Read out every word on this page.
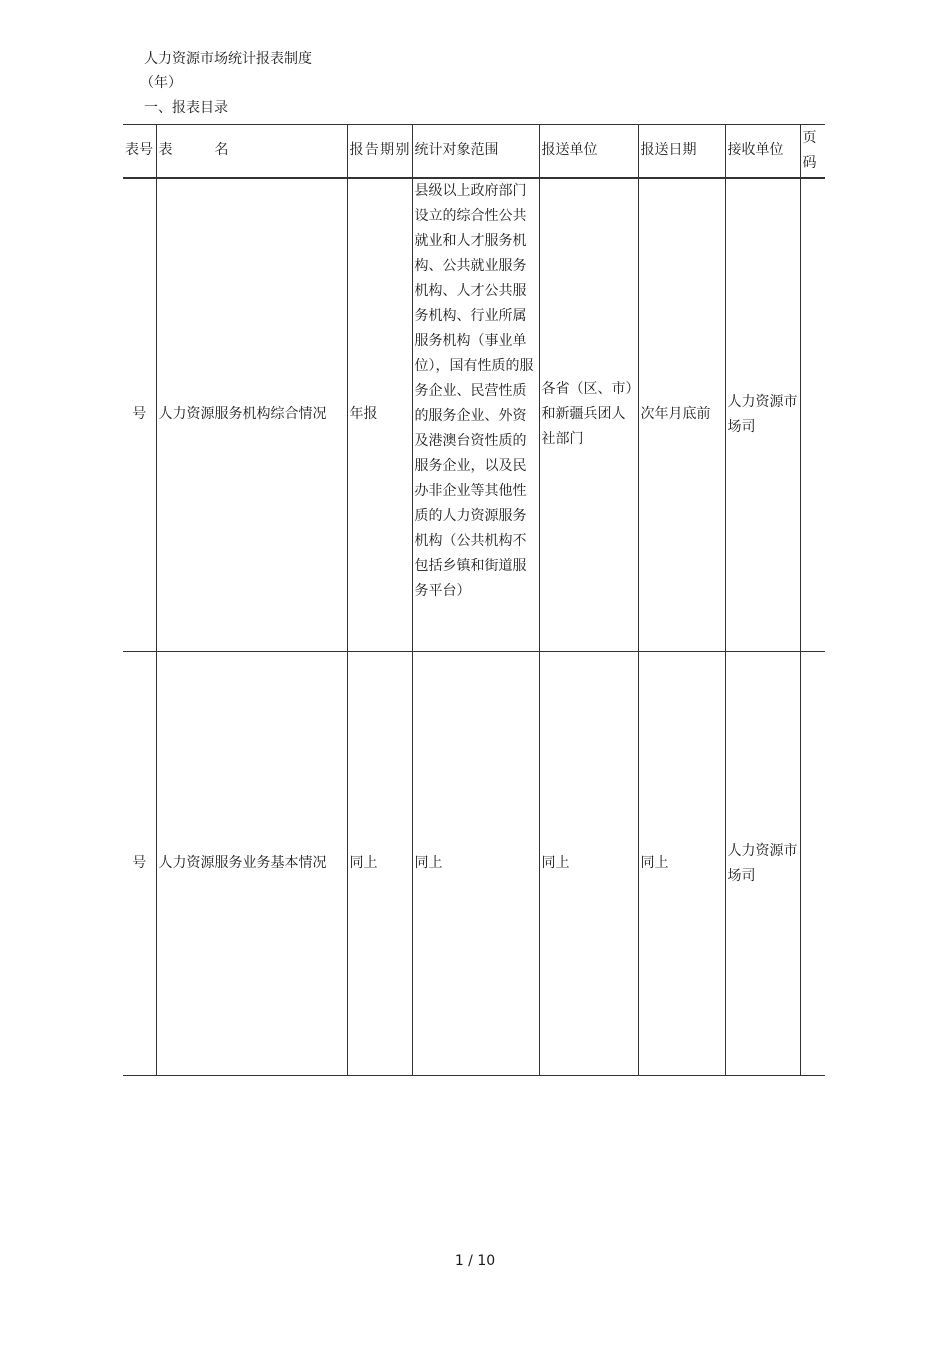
人力资源市场统计报表制度
（年）
一、报表目录
表号	表　　　名	报告期别	统计对象范围	报送单位	报送日期	接收单位	页码
号	人力资源服务机构综合情况	年报	县级以上政府部门设立的综合性公共就业和人才服务机构、公共就业服务机构、人才公共服务机构、行业所属服务机构（事业单位），国有性质的服务企业、民营性质的服务企业、外资及港澳台资性质的服务企业，以及民办非企业等其他性质的人力资源服务机构（公共机构不包括乡镇和街道服务平台）	各省（区、市）和新疆兵团人社部门	次年月底前	人力资源市场司	
号	人力资源服务业务基本情况	同上	同上	同上	同上	人力资源市场司	
1 / 10
